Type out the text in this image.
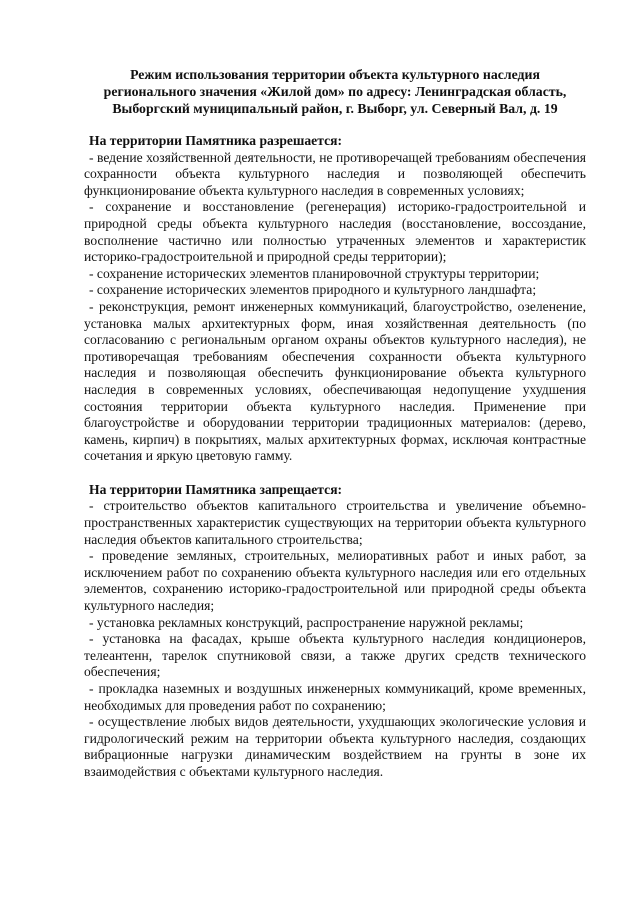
Режим использования территории объекта культурного наследия
регионального значения «Жилой дом» по адресу: Ленинградская область,
Выборгский муниципальный район, г. Выборг, ул. Северный Вал, д. 19

На территории Памятника разрешается:

- ведение хозяйственной деятельности, не противоречащей требованиям обеспечения сохранности объекта культурного наследия и позволяющей обеспечить функционирование объекта культурного наследия в современных условиях;

- сохранение и восстановление (регенерация) историко-градостроительной и природной среды объекта культурного наследия (восстановление, воссоздание, восполнение частично или полностью утраченных элементов и характеристик историко-градостроительной и природной среды территории);

- сохранение исторических элементов планировочной структуры территории;

- сохранение исторических элементов природного и культурного ландшафта;

- реконструкция, ремонт инженерных коммуникаций, благоустройство, озеленение, установка малых архитектурных форм, иная хозяйственная деятельность (по согласованию с региональным органом охраны объектов культурного наследия), не противоречащая требованиям обеспечения сохранности объекта культурного наследия и позволяющая обеспечить функционирование объекта культурного наследия в современных условиях, обеспечивающая недопущение ухудшения состояния территории объекта культурного наследия. Применение при благоустройстве и оборудовании территории традиционных материалов: (дерево, камень, кирпич) в покрытиях, малых архитектурных формах, исключая контрастные сочетания и яркую цветовую гамму.

На территории Памятника запрещается:

- строительство объектов капитального строительства и увеличение объемно-пространственных характеристик существующих на территории объекта культурного наследия объектов капитального строительства;

- проведение земляных, строительных, мелиоративных работ и иных работ, за исключением работ по сохранению объекта культурного наследия или его отдельных элементов, сохранению историко-градостроительной или природной среды объекта культурного наследия;

- установка рекламных конструкций, распространение наружной рекламы;

- установка на фасадах, крыше объекта культурного наследия кондиционеров, телеантенн, тарелок спутниковой связи, а также других средств технического обеспечения;

- прокладка наземных и воздушных инженерных коммуникаций, кроме временных, необходимых для проведения работ по сохранению;

- осуществление любых видов деятельности, ухудшающих экологические условия и гидрологический режим на территории объекта культурного наследия, создающих вибрационные нагрузки динамическим воздействием на грунты в зоне их взаимодействия с объектами культурного наследия.
